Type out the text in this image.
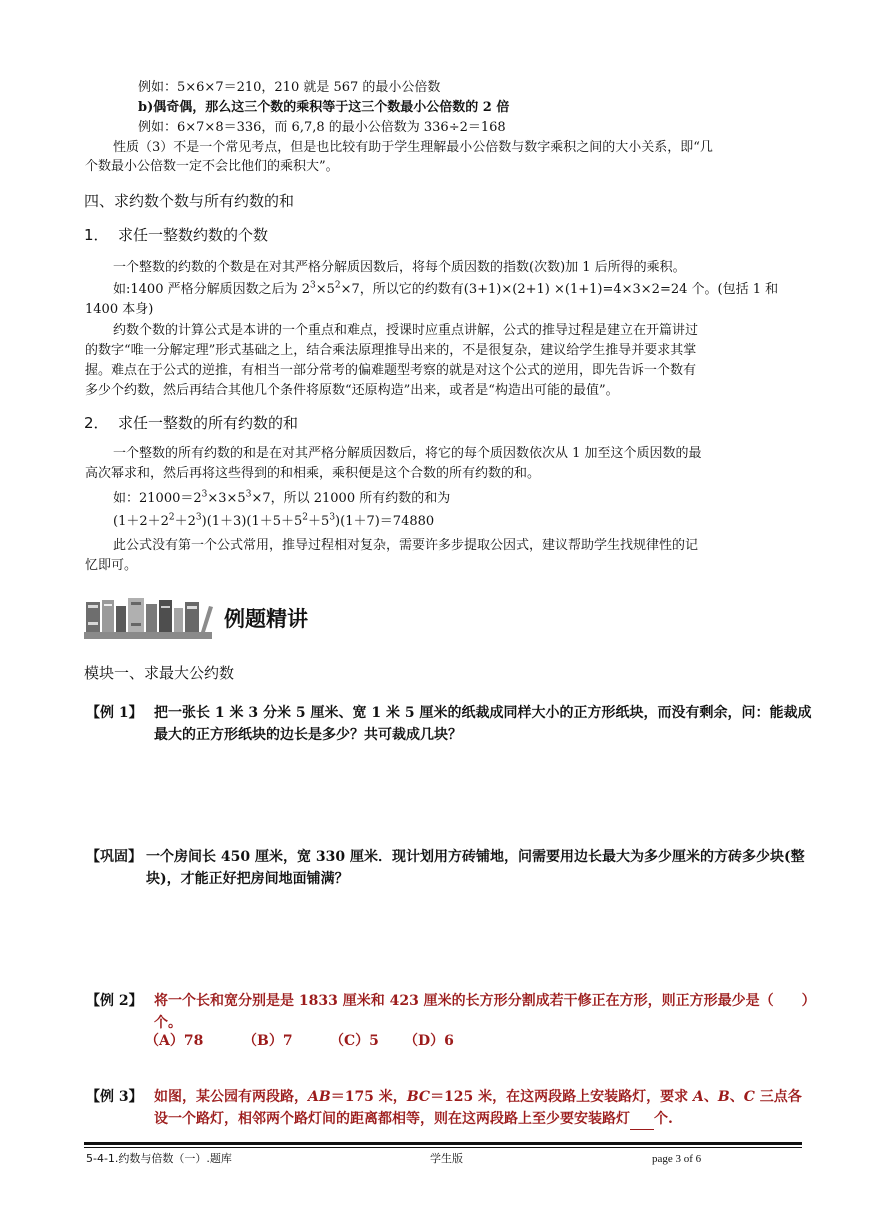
例如：5×6×7＝210，210 就是 567 的最小公倍数
b)偶奇偶，那么这三个数的乘积等于这三个数最小公倍数的 2 倍
例如：6×7×8＝336，而 6,7,8 的最小公倍数为 336÷2＝168
性质（3）不是一个常见考点，但是也比较有助于学生理解最小公倍数与数字乘积之间的大小关系，即“几
个数最小公倍数一定不会比他们的乘积大”。
四、求约数个数与所有约数的和
1． 求任一整数约数的个数
一个整数的约数的个数是在对其严格分解质因数后，将每个质因数的指数(次数)加 1 后所得的乘积。
如:1400 严格分解质因数之后为 $2^3\times 5^2\times 7$，所以它的约数有(3+1)×(2+1) ×(1+1)=4×3×2=24 个。(包括 1 和
1400 本身)
约数个数的计算公式是本讲的一个重点和难点，授课时应重点讲解，公式的推导过程是建立在开篇讲过
的数字“唯一分解定理”形式基础之上，结合乘法原理推导出来的，不是很复杂，建议给学生推导并要求其掌
握。难点在于公式的逆推，有相当一部分常考的偏难题型考察的就是对这个公式的逆用，即先告诉一个数有
多少个约数，然后再结合其他几个条件将原数“还原构造”出来，或者是“构造出可能的最值”。
2． 求任一整数的所有约数的和
一个整数的所有约数的和是在对其严格分解质因数后，将它的每个质因数依次从 1 加至这个质因数的最
高次幂求和，然后再将这些得到的和相乘，乘积便是这个合数的所有约数的和。
如：$21000=2^3\times 3\times 5^3\times 7$，所以 21000 所有约数的和为
$(1+2+2^2+2^3)(1+3)(1+5+5^2+5^3)(1+7)=74880$
此公式没有第一个公式常用，推导过程相对复杂，需要许多步提取公因式，建议帮助学生找规律性的记
忆即可。
例题精讲
模块一、求最大公约数
【例 1】 把一张长 1 米 3 分米 5 厘米、宽 1 米 5 厘米的纸裁成同样大小的正方形纸块，而没有剩余，问：能裁成最大的正方形纸块的边长是多少？共可裁成几块？
【巩固】 一个房间长 450 厘米，宽 330 厘米．现计划用方砖铺地，问需要用边长最大为多少厘米的方砖多少块(整块)，才能正好把房间地面铺满？
【例 2】 将一个长和宽分别是是 1833 厘米和 423 厘米的长方形分割成若干修正在方形，则正方形最少是（　　）个。
（A）78	（B）7	（C）5 （D）6
【例 3】 如图，某公园有两段路，AB＝175 米，BC＝125 米，在这两段路上安装路灯，要求 A、B、C 三点各设一个路灯，相邻两个路灯间的距离都相等，则在这两段路上至少要安装路灯 个.
5-4-1.约数与倍数（一）.题库	学生版	page 3 of 6
